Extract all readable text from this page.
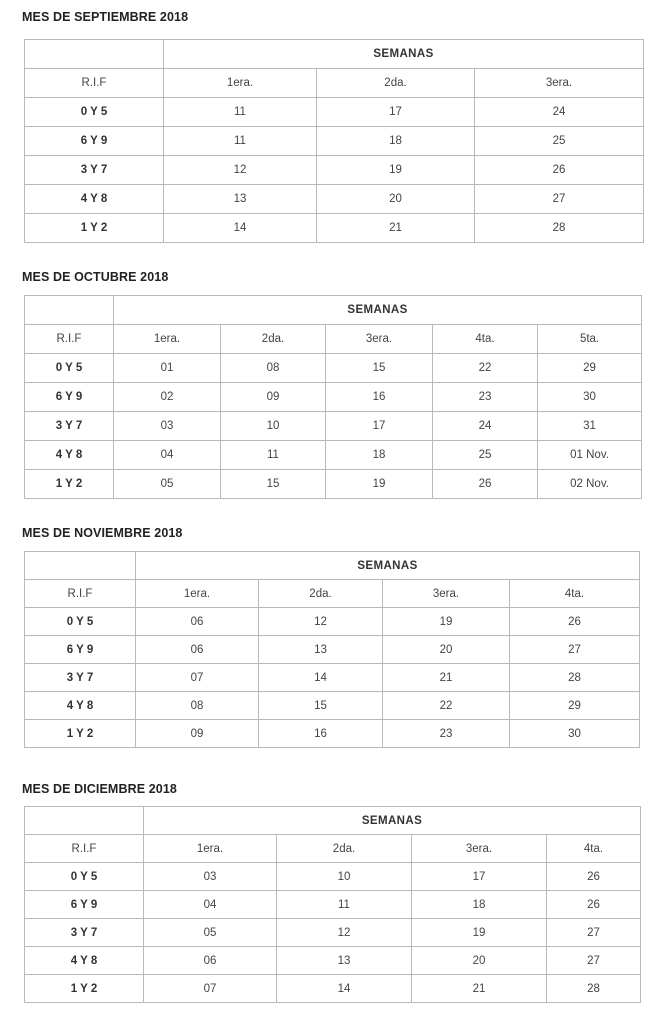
MES DE SEPTIEMBRE 2018
	SEMANAS		
R.I.F	1era.	2da.	3era.
0 Y 5	11	17	24
6 Y 9	11	18	25
3 Y 7	12	19	26
4 Y 8	13	20	27
1 Y 2	14	21	28
MES DE OCTUBRE 2018
	SEMANAS				
R.I.F	1era.	2da.	3era.	4ta.	5ta.
0 Y 5	01	08	15	22	29
6 Y 9	02	09	16	23	30
3 Y 7	03	10	17	24	31
4 Y 8	04	11	18	25	01 Nov.
1 Y 2	05	15	19	26	02 Nov.
MES DE NOVIEMBRE 2018
	SEMANAS			
R.I.F	1era.	2da.	3era.	4ta.
0 Y 5	06	12	19	26
6 Y 9	06	13	20	27
3 Y 7	07	14	21	28
4 Y 8	08	15	22	29
1 Y 2	09	16	23	30
MES DE DICIEMBRE 2018
	SEMANAS			
R.I.F	1era.	2da.	3era.	4ta.
0 Y 5	03	10	17	26
6 Y 9	04	11	18	26
3 Y 7	05	12	19	27
4 Y 8	06	13	20	27
1 Y 2	07	14	21	28
